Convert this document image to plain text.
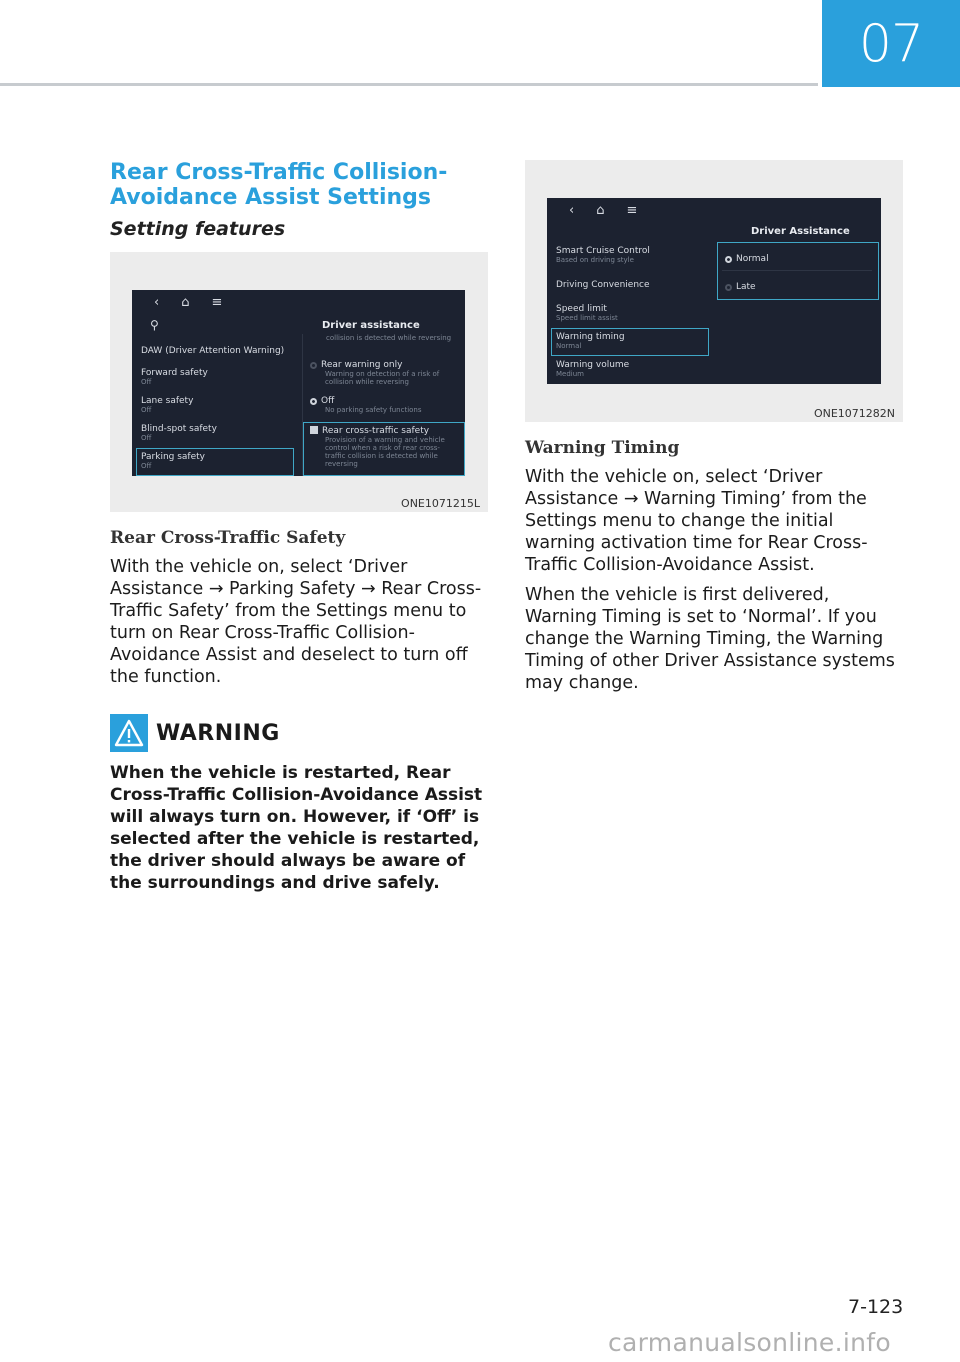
07
Rear Cross-Traffic Collision-Avoidance Assist Settings
Setting features
‹ ⌂ ≡
⚲	Driver assistance
DAW (Driver Attention Warning)
Forward safety
Off
Lane safety
Off
Blind-spot safety
Off
Parking safety
Off
collision is detected while reversing
Rear warning only
Warning on detection of a risk of collision while reversing
Off
No parking safety functions
Rear cross-traffic safety
Provision of a warning and vehicle control when a risk of rear cross-traffic collision is detected while reversing
ONE1071215L
Rear Cross-Traffic Safety

With the vehicle on, select ‘Driver Assistance → Parking Safety → Rear Cross-Traffic Safety’ from the Settings menu to turn on Rear Cross-Traffic Collision-Avoidance Assist and deselect to turn off the function.

WARNING

When the vehicle is restarted, Rear Cross-Traffic Collision-Avoidance Assist will always turn on. However, if ‘Off’ is selected after the vehicle is restarted, the driver should always be aware of the surroundings and drive safely.

‹ ⌂ ≡
Driver Assistance
Smart Cruise Control
Based on driving style
Driving Convenience
Speed limit
Speed limit assist
Warning timing
Normal
Warning volume
Medium
Normal
Late
ONE1071282N
Warning Timing

With the vehicle on, select ‘Driver Assistance → Warning Timing’ from the Settings menu to change the initial warning activation time for Rear Cross-Traffic Collision-Avoidance Assist.

When the vehicle is first delivered, Warning Timing is set to ‘Normal’. If you change the Warning Timing, the Warning Timing of other Driver Assistance systems may change.

7-123
carmanualsonline.info
